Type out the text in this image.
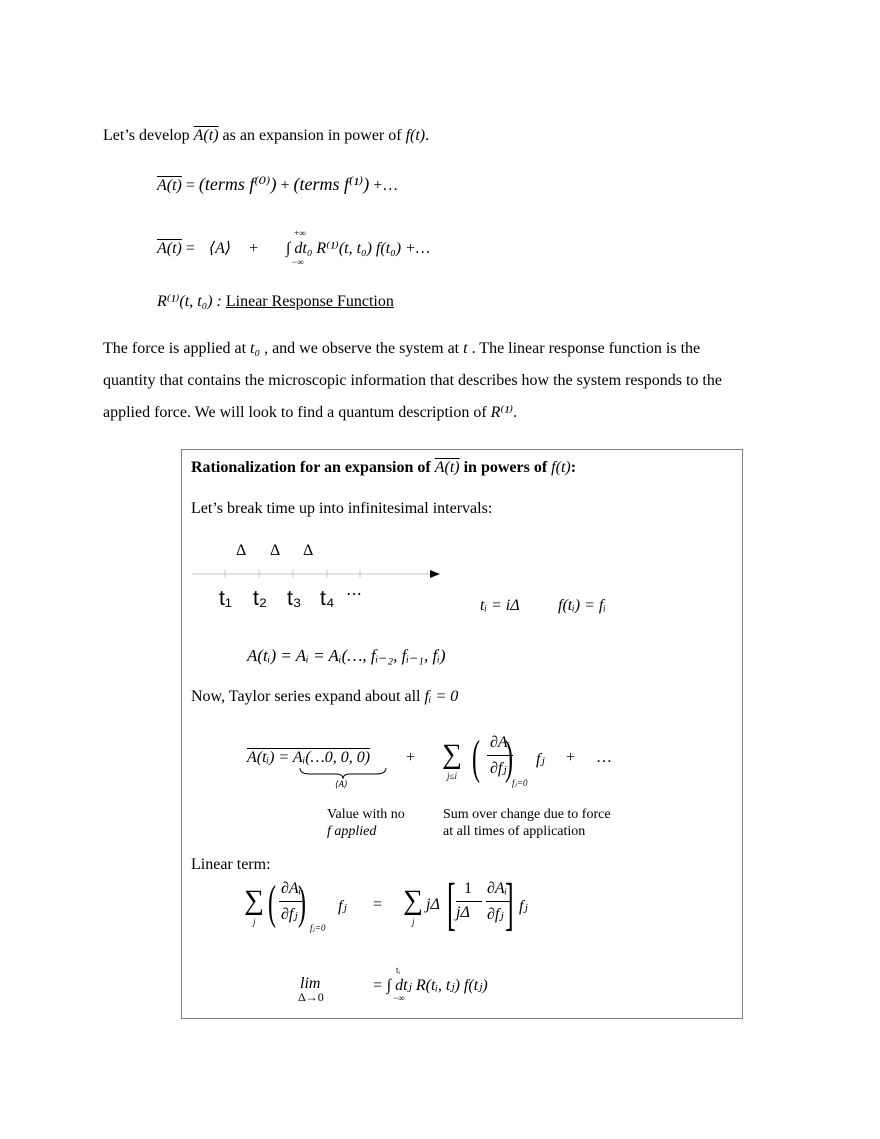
Let’s develop A(t) as an expansion in power of f(t).
A(t) = (terms f⁽⁰⁾) + (terms f⁽¹⁾) +…
A(t) = ⟨A⟩ +
+∞
−∞
∫ dt₀ R⁽¹⁾(t, t₀) f(t₀) +…
R⁽¹⁾(t, t₀) : Linear Response Function
The force is applied at t₀ , and we observe the system at t . The linear response function is the
quantity that contains the microscopic information that describes how the system responds to the
applied force. We will look to find a quantum description of R⁽¹⁾.
Rationalization for an expansion of A(t) in powers of f(t):
Let’s break time up into infinitesimal intervals:
Δ Δ Δ
t₁ t₂ t₃ t₄ ⋯
tᵢ = iΔ f(tᵢ) = fᵢ
A(tᵢ) = Aᵢ = Aᵢ(…, fᵢ₋₂, fᵢ₋₁, fᵢ)
Now, Taylor series expand about all fᵢ = 0
A(tᵢ) = Aᵢ(…0, 0, 0)
⟨A⟩
+ ∑
j≤i ( ∂Aᵢ
∂fⱼ
) fⱼ=0
fⱼ + …
Value with no
f applied
Sum over change due to force
at all times of application
Linear term:
∑
j ( ∂Aᵢ
∂fⱼ ) fⱼ=0
fⱼ = ∑
j
jΔ [ 1
jΔ
∂Aᵢ
∂fⱼ ] fⱼ
lim
Δ→0
tᵢ
−∞
= ∫ dtⱼ R(tᵢ, tⱼ) f(tⱼ)
